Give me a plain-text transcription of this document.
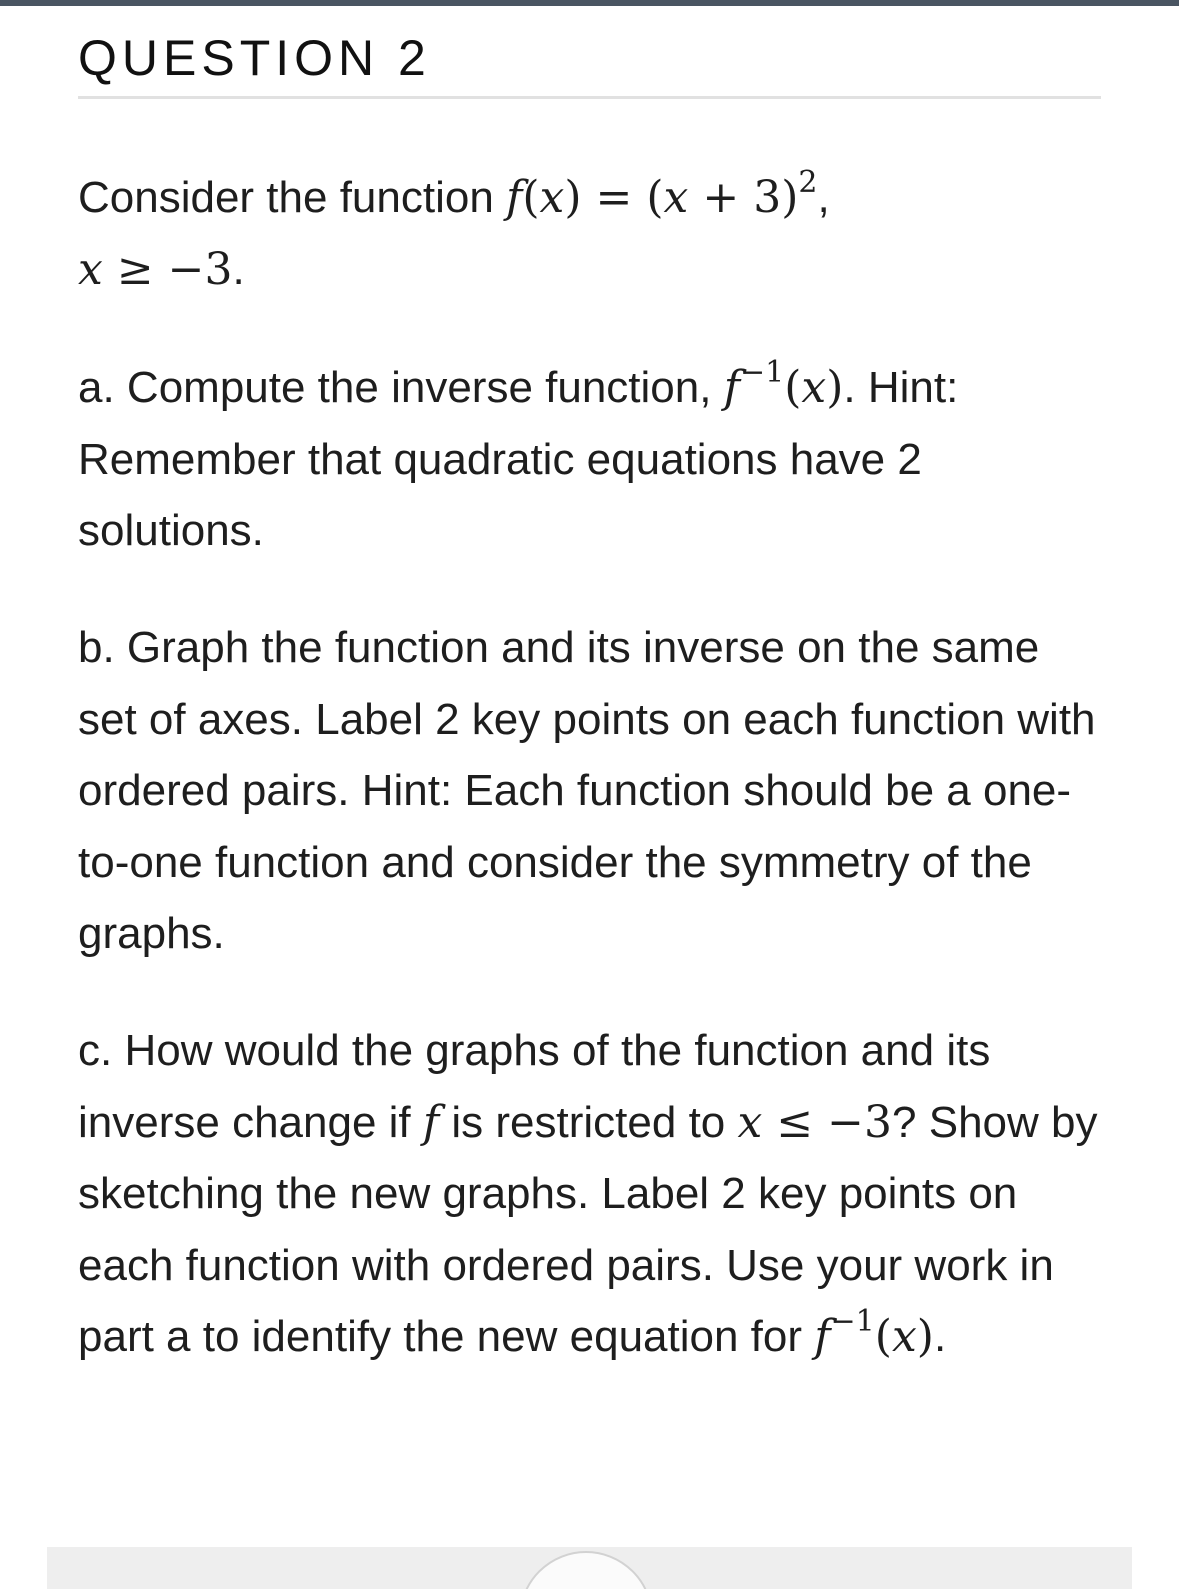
QUESTION 2

Consider the function $f(x) = (x + 3)^2$,
x ≥ −3.

a. Compute the inverse function, $f^{-1}(x)$. Hint: Remember that quadratic equations have 2 solutions.

b. Graph the function and its inverse on the same set of axes. Label 2 key points on each function with ordered pairs. Hint: Each function should be a one-to-one function and consider the symmetry of the graphs.

c. How would the graphs of the function and its inverse change if f is restricted to x ≤ −3? Show by sketching the new graphs. Label 2 key points on each function with ordered pairs. Use your work in part a to identify the new equation for $f^{-1}(x)$.
